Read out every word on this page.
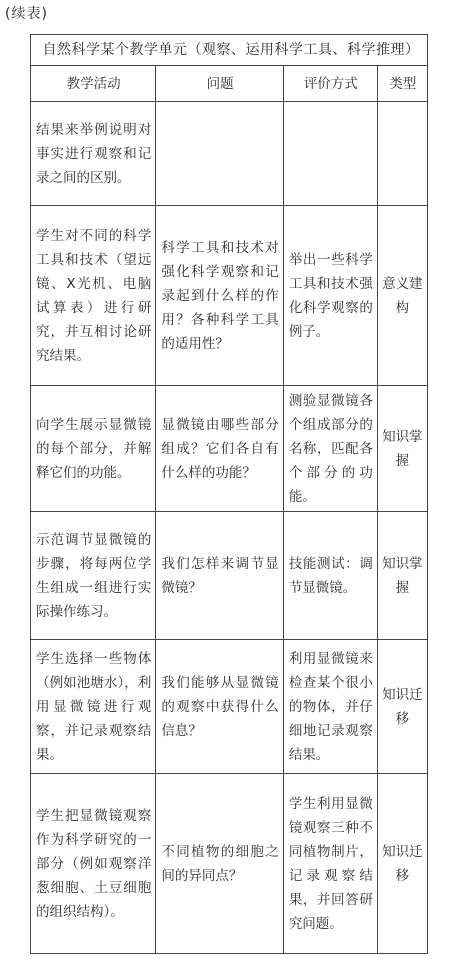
(续表)
自然科学某个教学单元（观察、运用科学工具、科学推理）			
教学活动	问题	评价方式	类型
结果来举例说明对事实进行观察和记录之间的区别。			
学生对不同的科学工具和技术（望远镜、X光机、电脑试算表）进行研究，并互相讨论研究结果。	科学工具和技术对强化科学观察和记录起到什么样的作用？各种科学工具的适用性？	举出一些科学工具和技术强化科学观察的例子。	意义建构
向学生展示显微镜的每个部分，并解释它们的功能。	显微镜由哪些部分组成？它们各自有什么样的功能？	测验显微镜各个组成部分的名称，匹配各个部分的功能。	知识掌握
示范调节显微镜的步骤，将每两位学生组成一组进行实际操作练习。	我们怎样来调节显微镜？	技能测试：调节显微镜。	知识掌握
学生选择一些物体（例如池塘水），利用显微镜进行观察，并记录观察结果。	我们能够从显微镜的观察中获得什么信息？	利用显微镜来检查某个很小的物体，并仔细地记录观察结果。	知识迁移
学生把显微镜观察作为科学研究的一部分（例如观察洋葱细胞、土豆细胞的组织结构）。	不同植物的细胞之间的异同点？	学生利用显微镜观察三种不同植物制片，记录观察结果，并回答研究问题。	知识迁移
